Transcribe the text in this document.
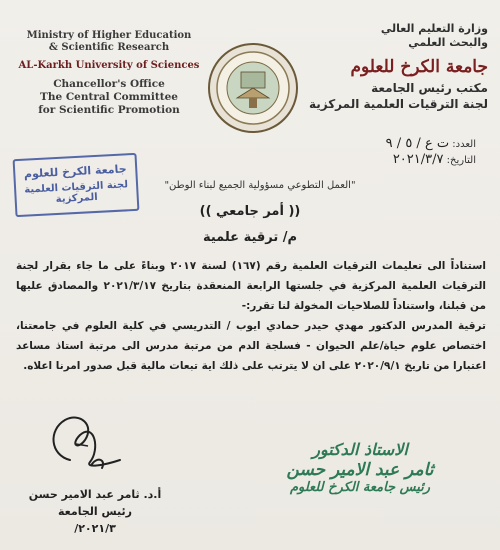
Ministry of Higher Education
& Scientific Research
AL-Karkh University of Sciences
Chancellor's Office
The Central Committee
for Scientific Promotion
وزارة التعليم العالي
والبحث العلمي
جامعة الكرخ للعلوم
مكتب رئيس الجامعة
لجنة الترقيات العلمية المركزية
العدد: ت ع / ٥ / ٩
التاريخ: ٢٠٢١/٣/٧
جامعة الكرخ للعلوم
لجنة الترقيات العلمية المركزية
"العمل التطوعي مسؤولية الجميع لبناء الوطن"
(( أمر جامعي ))
م/ ترقية علمية
استناداً الى تعليمات الترقيات العلمية رقم (١٦٧) لسنة ٢٠١٧ وبناءً على ما جاء بقرار لجنة الترقيات العلمية المركزية في جلستها الرابعة المنعقدة بتاريخ ٢٠٢١/٣/١٧ والمصادق عليها من قبلنا، واستناداً للصلاحيات المخولة لنا تقرر:-
ترقية المدرس الدكتور مهدي حيدر حمادي ايوب / التدريسي في كلية العلوم في جامعتنا، اختصاص علوم حياة/علم الحيوان - فسلجة الدم من مرتبة مدرس الى مرتبة استاذ مساعد اعتبارا من تاريخ ٢٠٢٠/٩/١ على ان لا يترتب على ذلك اية تبعات مالية قبل صدور امرنا اعلاه.
أ.د. ثامر عبد الامير حسن
رئيس الجامعة
٢٠٢١/٣/
الاستاذ الدكتور
ثامر عبد الامير حسن
رئيس جامعة الكرخ للعلوم
